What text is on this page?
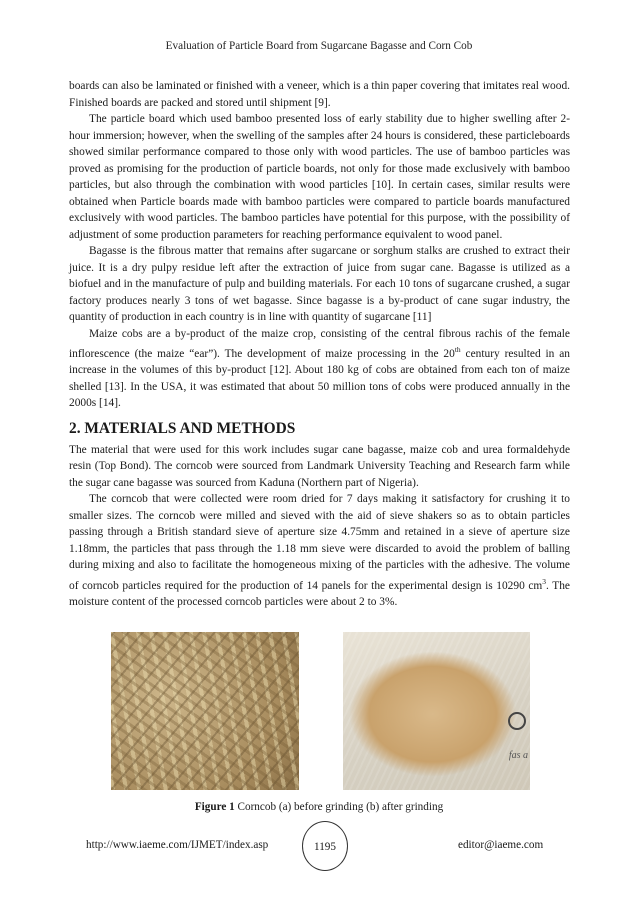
Evaluation of Particle Board from Sugarcane Bagasse and Corn Cob

boards can also be laminated or finished with a veneer, which is a thin paper covering that imitates real wood. Finished boards are packed and stored until shipment [9].

The particle board which used bamboo presented loss of early stability due to higher swelling after 2-hour immersion; however, when the swelling of the samples after 24 hours is considered, these particleboards showed similar performance compared to those only with wood particles. The use of bamboo particles was proved as promising for the production of particle boards, not only for those made exclusively with bamboo particles, but also through the combination with wood particles [10]. In certain cases, similar results were obtained when Particle boards made with bamboo particles were compared to particle boards manufactured exclusively with wood particles. The bamboo particles have potential for this purpose, with the possibility of adjustment of some production parameters for reaching performance equivalent to wood panel.

Bagasse is the fibrous matter that remains after sugarcane or sorghum stalks are crushed to extract their juice. It is a dry pulpy residue left after the extraction of juice from sugar cane. Bagasse is utilized as a biofuel and in the manufacture of pulp and building materials. For each 10 tons of sugarcane crushed, a sugar factory produces nearly 3 tons of wet bagasse. Since bagasse is a by-product of cane sugar industry, the quantity of production in each country is in line with quantity of sugarcane [11]

Maize cobs are a by-product of the maize crop, consisting of the central fibrous rachis of the female inflorescence (the maize “ear”). The development of maize processing in the 20th century resulted in an increase in the volumes of this by-product [12]. About 180 kg of cobs are obtained from each ton of maize shelled [13]. In the USA, it was estimated that about 50 million tons of cobs were produced annually in the 2000s [14].

2. MATERIALS AND METHODS

The material that were used for this work includes sugar cane bagasse, maize cob and urea formaldehyde resin (Top Bond). The corncob were sourced from Landmark University Teaching and Research farm while the sugar cane bagasse was sourced from Kaduna (Northern part of Nigeria).

The corncob that were collected were room dried for 7 days making it satisfactory for crushing it to smaller sizes. The corncob were milled and sieved with the aid of sieve shakers so as to obtain particles passing through a British standard sieve of aperture size 4.75mm and retained in a sieve of aperture size 1.18mm, the particles that pass through the 1.18 mm sieve were discarded to avoid the problem of balling during mixing and also to facilitate the homogeneous mixing of the particles with the adhesive. The volume of corncob particles required for the production of 14 panels for the experimental design is 10290 $cm^3$. The moisture content of the processed corncob particles were about 2 to 3%.

fas a
Figure 1 Corncob (a) before grinding (b) after grinding
http://www.iaeme.com/IJMET/index.asp	1195	editor@iaeme.com
